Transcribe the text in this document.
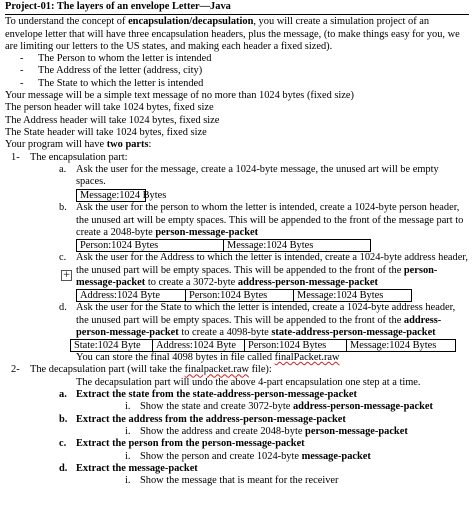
Project-01: The layers of an envelope Letter—Java

To understand the concept of encapsulation/decapsulation, you will create a simulation project of an envelope letter that will have three encapsulation headers, plus the message, (to make things easy for you, we are limiting our letters to the US states, and making each header a fixed sized).

- The Person to whom the letter is intended
- The Address of the letter (address, city)
- The State to which the letter is intended

Your message will be a simple text message of no more than 1024 bytes (fixed size)

The person header will take 1024 bytes, fixed size

The Address header will take 1024 bytes, fixed size

The State header will take 1024 bytes, fixed size

Your program will have two parts:

1- The encapsulation part:
a. Ask the user for the message, create a 1024-byte message, the unused art will be empty spaces.
Message:1024 Bytes
b. Ask the user for the person to whom the letter is intended, create a 1024-byte person header, the unused art will be empty spaces. This will be appended to the front of the message part to create a 2048-byte person-message-packet
Person:1024 Bytes	Message:1024 Bytes
c. Ask the user for the Address to which the letter is intended, create a 1024-byte address header, the unused part will be empty spaces. This will be appended to the front of the person-message-packet to create a 3072-byte address-person-message-packet
+
Address:1024 Byte	Person:1024 Bytes	Message:1024 Bytes
d. Ask the user for the State to which the letter is intended, create a 1024-byte address header, the unused part will be empty spaces. This will be appended to the front of the address-person-message-packet to create a 4098-byte state-address-person-message-packet
State:1024 Byte	Address:1024 Byte	Person:1024 Bytes	Message:1024 Bytes
You can store the final 4098 bytes in file called finalPacket.raw
2- The decapsulation part (will take the finalpacket.raw file):
The decapsulation part will undo the above 4-part encapsulation one step at a time.
a. Extract the state from the state-address-person-message-packet
i. Show the state and create 3072-byte address-person-message-packet
b. Extract the address from the address-person-message-packet
i. Show the address and create 2048-byte person-message-packet
c. Extract the person from the person-message-packet
i. Show the person and create 1024-byte message-packet
d. Extract the message-packet
i. Show the message that is meant for the receiver
